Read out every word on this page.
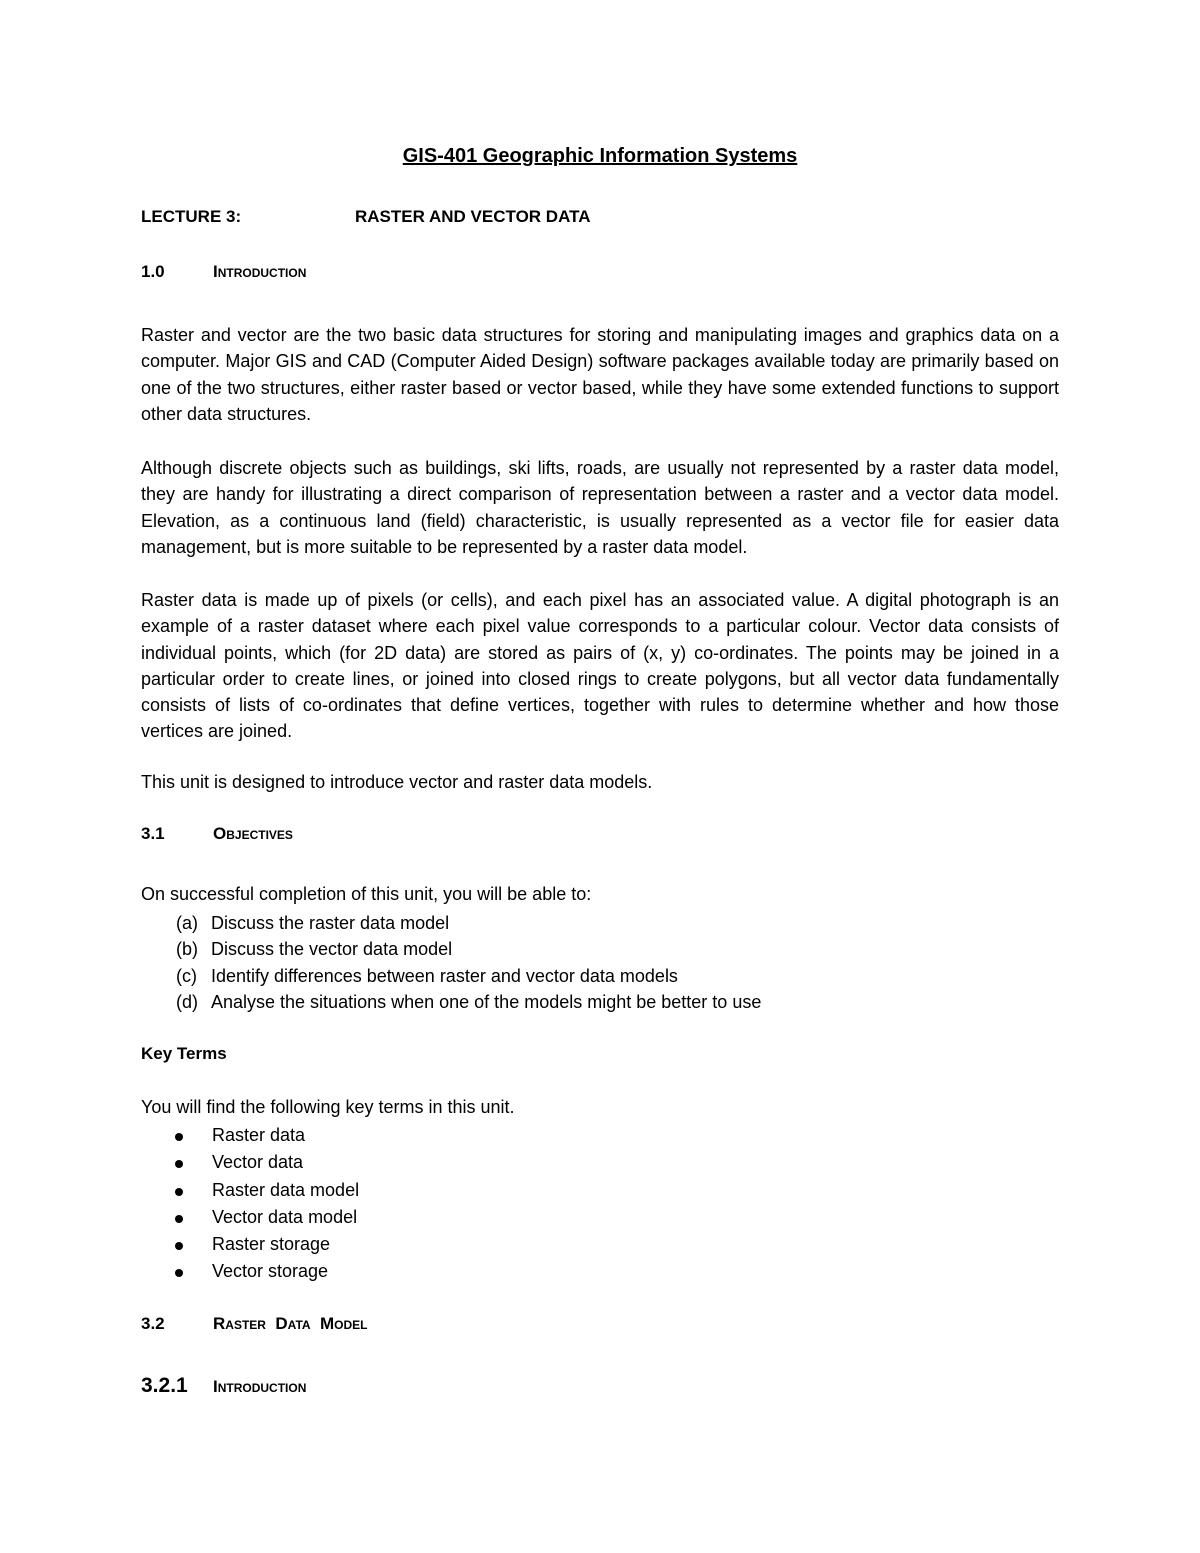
GIS-401 Geographic Information Systems
LECTURE 3:	RASTER AND VECTOR DATA
1.0	Introduction
Raster and vector are the two basic data structures for storing and manipulating images and graphics data on a computer. Major GIS and CAD (Computer Aided Design) software packages available today are primarily based on one of the two structures, either raster based or vector based, while they have some extended functions to support other data structures.
Although discrete objects such as buildings, ski lifts, roads, are usually not represented by a raster data model, they are handy for illustrating a direct comparison of representation between a raster and a vector data model. Elevation, as a continuous land (field) characteristic, is usually represented as a vector file for easier data management, but is more suitable to be represented by a raster data model.
Raster data is made up of pixels (or cells), and each pixel has an associated value. A digital photograph is an example of a raster dataset where each pixel value corresponds to a particular colour. Vector data consists of individual points, which (for 2D data) are stored as pairs of (x, y) co-ordinates. The points may be joined in a particular order to create lines, or joined into closed rings to create polygons, but all vector data fundamentally consists of lists of co-ordinates that define vertices, together with rules to determine whether and how those vertices are joined.
This unit is designed to introduce vector and raster data models.
3.1	Objectives
On successful completion of this unit, you will be able to:
(a) Discuss the raster data model
(b) Discuss the vector data model
(c) Identify differences between raster and vector data models
(d) Analyse the situations when one of the models might be better to use
Key Terms
You will find the following key terms in this unit.
Raster data
Vector data
Raster data model
Vector data model
Raster storage
Vector storage
3.2	Raster  Data  Model
3.2.1 Introduction
